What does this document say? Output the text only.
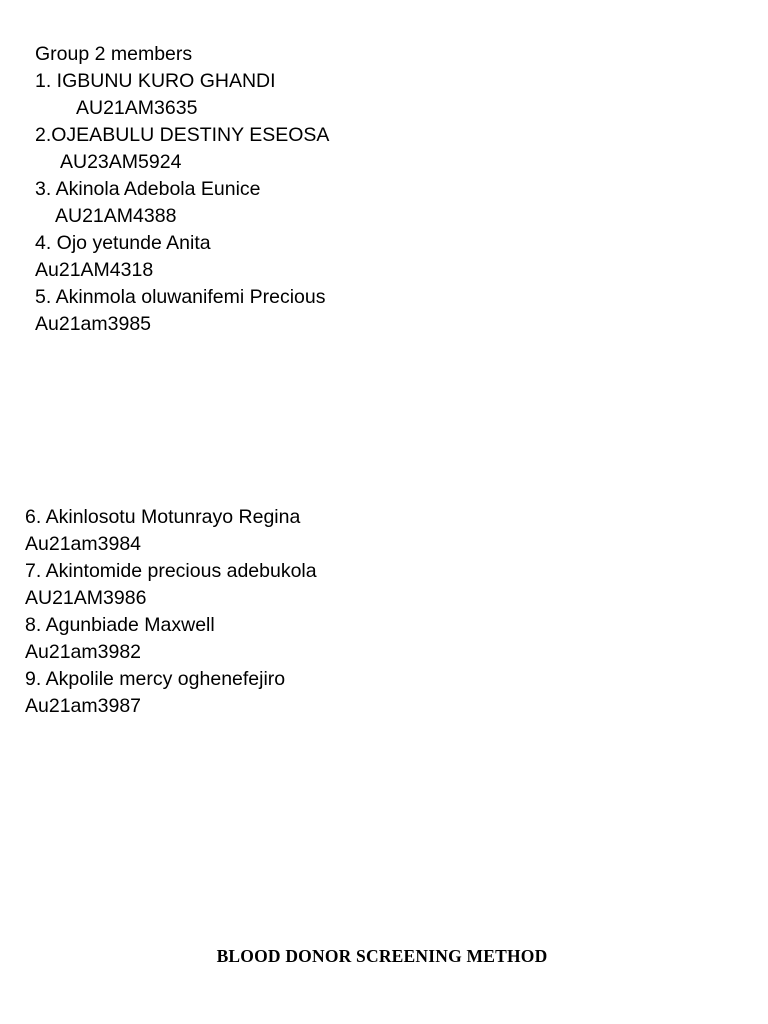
Group 2 members
1. IGBUNU KURO GHANDI
AU21AM3635
2.OJEABULU DESTINY ESEOSA
AU23AM5924
3. Akinola Adebola Eunice
AU21AM4388
4. Ojo yetunde Anita
Au21AM4318
5. Akinmola oluwanifemi Precious
Au21am3985
6. Akinlosotu Motunrayo Regina
Au21am3984
7. Akintomide precious adebukola
AU21AM3986
8. Agunbiade Maxwell
Au21am3982
9. Akpolile mercy oghenefejiro
Au21am3987
BLOOD DONOR SCREENING METHOD
